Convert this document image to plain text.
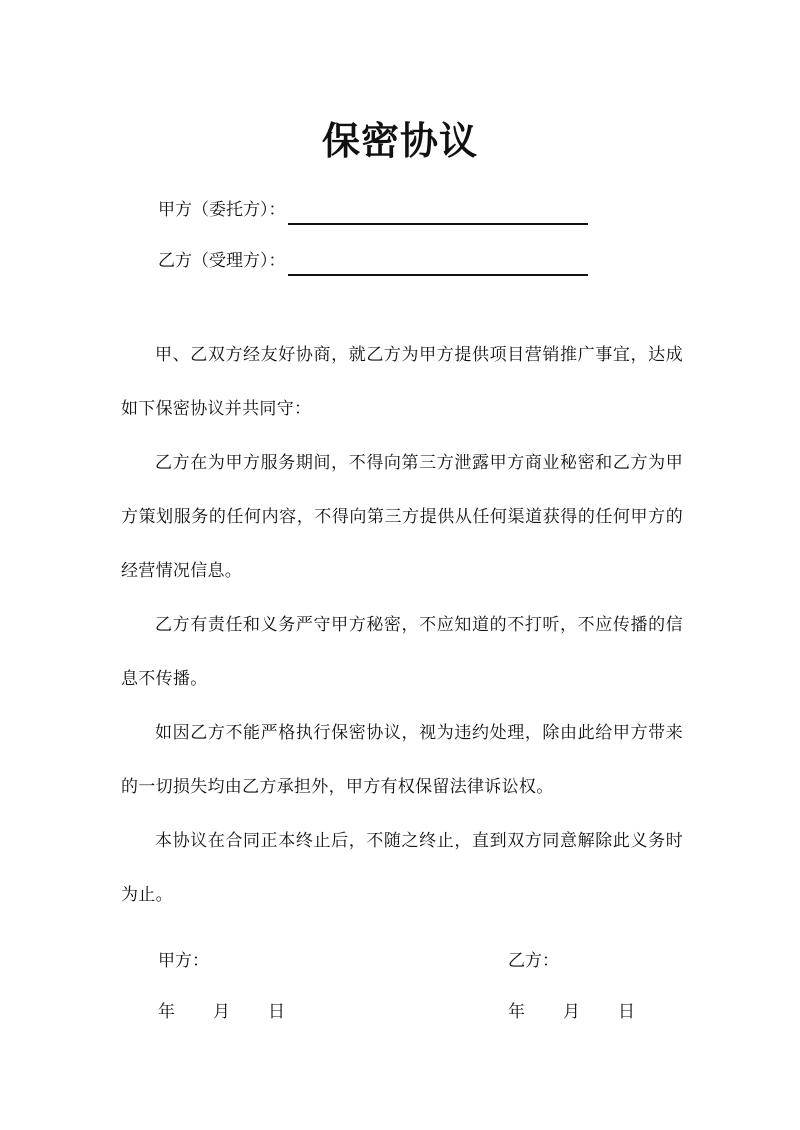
保密协议
甲方（委托方）：
乙方（受理方）：

甲、乙双方经友好协商，就乙方为甲方提供项目营销推广事宜，达成如下保密协议并共同守：

乙方在为甲方服务期间，不得向第三方泄露甲方商业秘密和乙方为甲方策划服务的任何内容，不得向第三方提供从任何渠道获得的任何甲方的经营情况信息。

乙方有责任和义务严守甲方秘密，不应知道的不打听，不应传播的信息不传播。

如因乙方不能严格执行保密协议，视为违约处理，除由此给甲方带来的一切损失均由乙方承担外，甲方有权保留法律诉讼权。

本协议在合同正本终止后，不随之终止，直到双方同意解除此义务时为止。

甲方：	乙方：
年 月 日	年 月 日
